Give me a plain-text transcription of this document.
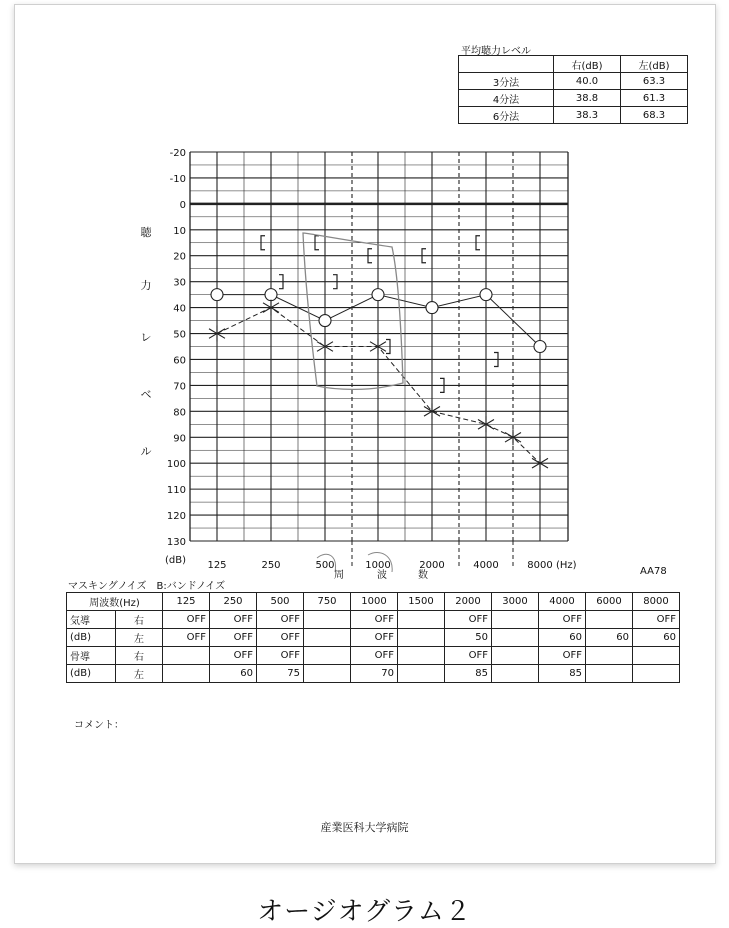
平均聴力レベル
	右(dB)	左(dB)
3分法	40.0	63.3
4分法	38.8	61.3
6分法	38.3	68.3
-20
-10
0
10
20
30
40
50
60
70
80
90
100
110
120
130
(dB)
聴
力
レ
ベ
ル
125	250	500	1000	2000	4000	8000 (Hz)
周	波	数	AA78
マスキングノイズ　B:バンドノイズ
周波数(Hz)		125	250	500	750	1000	1500	2000	3000	4000	6000	8000
気導	右	OFF	OFF	OFF		OFF		OFF		OFF		OFF
(dB)	左	OFF	OFF	OFF		OFF		50		60	60	60
骨導	右		OFF	OFF		OFF		OFF		OFF		
(dB)	左		60	75		70		85		85		
コメント：
産業医科大学病院
オージオグラム２
